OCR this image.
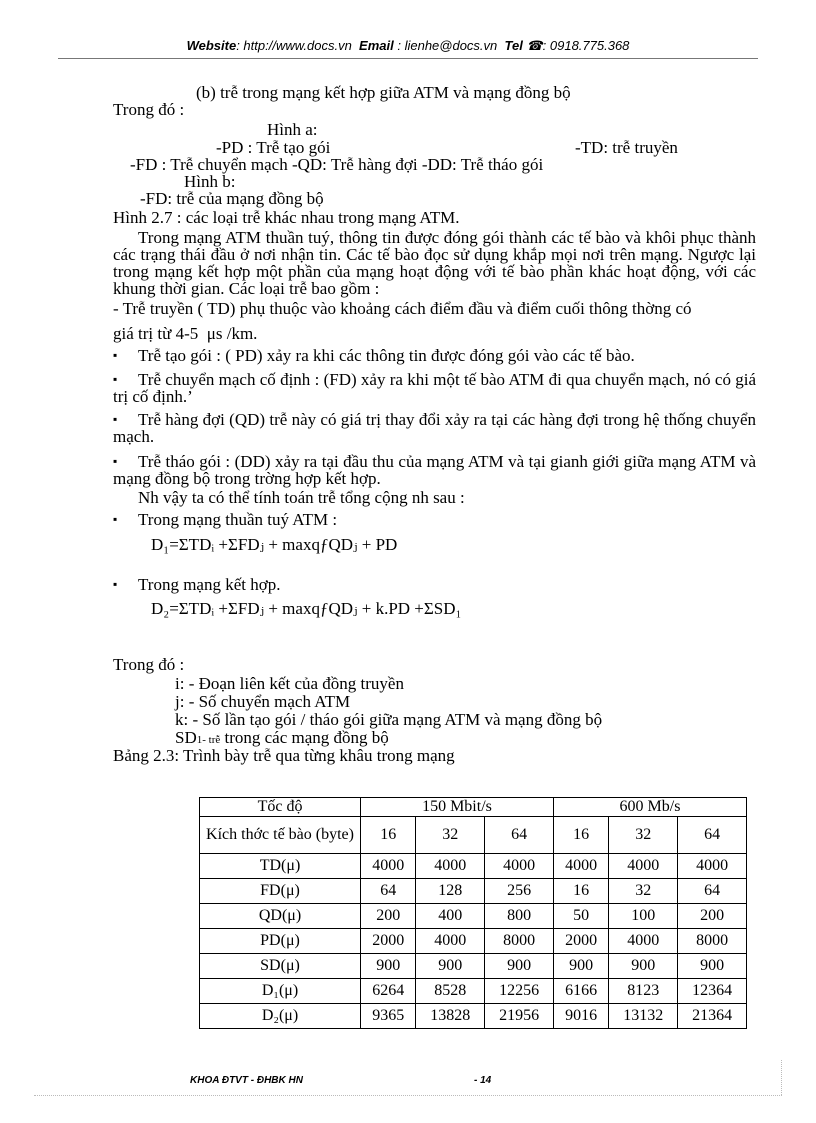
Website: http://www.docs.vn Email : lienhe@docs.vn Tel ☎: 0918.775.368
(b) trễ trong mạng kết hợp giữa ATM và mạng đồng bộ
Trong đó :
Hình a:
-PD : Trễ tạo gói	-TD: trễ truyền
-FD : Trễ chuyển mạch -QD: Trễ hàng đợi -DD: Trễ tháo gói
Hình b:
-FD: trễ của mạng đồng bộ
Hình 2.7 : các loại trễ khác nhau trong mạng ATM.
Trong mạng ATM thuần tuý, thông tin được đóng gói thành các tế bào và khôi phục thành các trạng thái đầu ở nơi nhận tin. Các tế bào đọc sử dụng khắp mọi nơi trên mạng. Ngược lại trong mạng kết hợp một phần của mạng hoạt động với tế bào phần khác hoạt động, với các khung thời gian. Các loại trễ bao gồm :
- Trễ truyền ( TD) phụ thuộc vào khoảng cách điểm đầu và điểm cuối thông thờng có
giá trị từ 4-5 μs /km.
▪ Trễ tạo gói : ( PD) xảy ra khi các thông tin được đóng gói vào các tế bào.
▪	Trễ chuyển mạch cố định : (FD) xảy ra khi một tế bào ATM đi qua chuyển mạch, nó có giá trị cố định.’
▪	Trễ hàng đợi (QD) trễ này có giá trị thay đổi xảy ra tại các hàng đợi trong hệ thống chuyển mạch.
▪	Trễ tháo gói : (DD) xảy ra tại đầu thu của mạng ATM và tại gianh giới giữa mạng ATM và mạng đồng bộ trong trờng hợp kết hợp.
Nh vậy ta có thể tính toán trễ tổng cộng nh sau :
▪ Trong mạng thuần tuý ATM :
D₁=ΣTDᵢ +ΣFDⱼ + maxqƒQDⱼ + PD
▪ Trong mạng kết hợp.
D₂=ΣTDᵢ +ΣFDⱼ + maxqƒQDⱼ + k.PD +ΣSD₁
Trong đó :
i: - Đoạn liên kết của đồng truyền
j: - Số chuyển mạch ATM
k: - Số lần tạo gói / tháo gói giữa mạng ATM và mạng đồng bộ
SD1- trễ trong các mạng đồng bộ
Bảng 2.3: Trình bày trễ qua từng khâu trong mạng
Tốc độ	150 Mbit/s			600 Mb/s		
Kích thớc tế bào (byte)	16	32	64	16	32	64
TD(μ)	4000	4000	4000	4000	4000	4000
FD(μ)	64	128	256	16	32	64
QD(μ)	200	400	800	50	100	200
PD(μ)	2000	4000	8000	2000	4000	8000
SD(μ)	900	900	900	900	900	900
D₁(μ)	6264	8528	12256	6166	8123	12364
D₂(μ)	9365	13828	21956	9016	13132	21364
KHOA ĐTVT - ĐHBK HN	- 14
